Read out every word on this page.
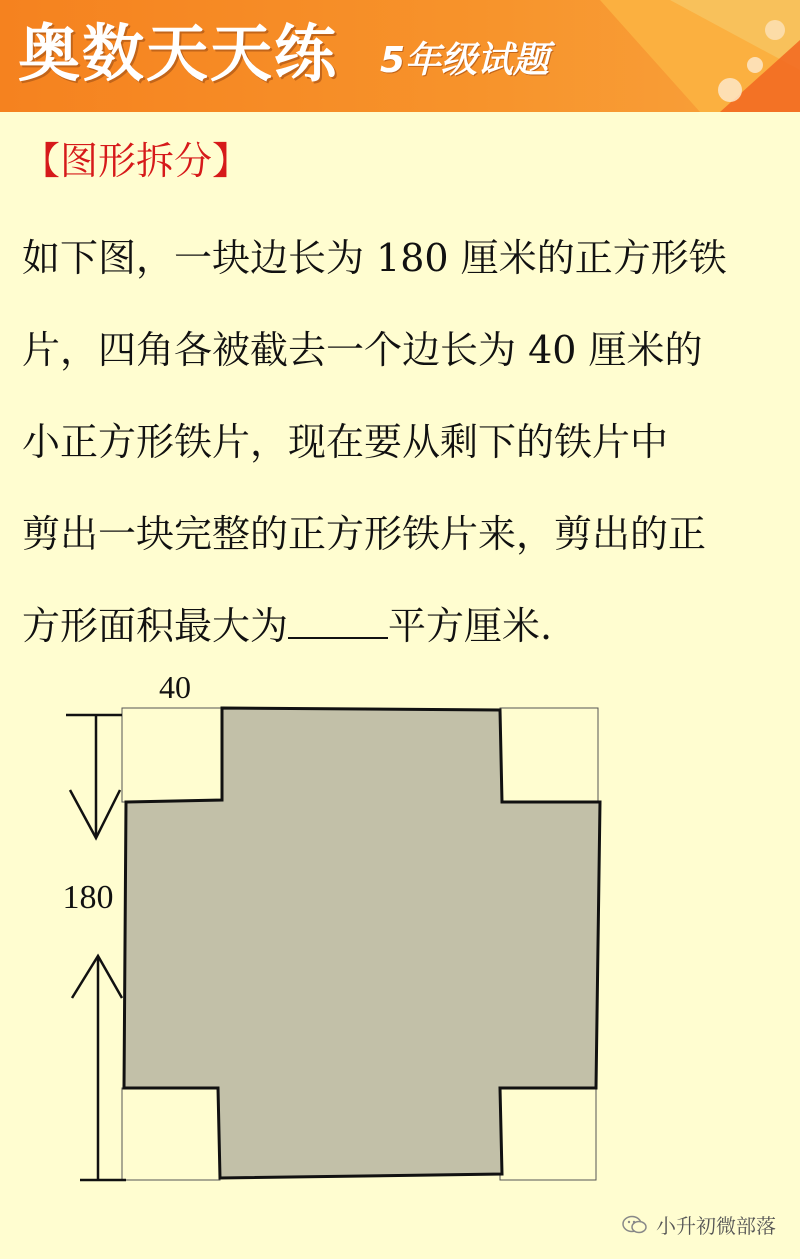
奥数天天练 5年级试题
【图形拆分】

如下图，一块边长为 180 厘米的正方形铁
片，四角各被截去一个边长为 40 厘米的
小正方形铁片，现在要从剩下的铁片中
剪出一块完整的正方形铁片来，剪出的正
方形面积最大为	平方厘米.

40
180
小升初微部落
